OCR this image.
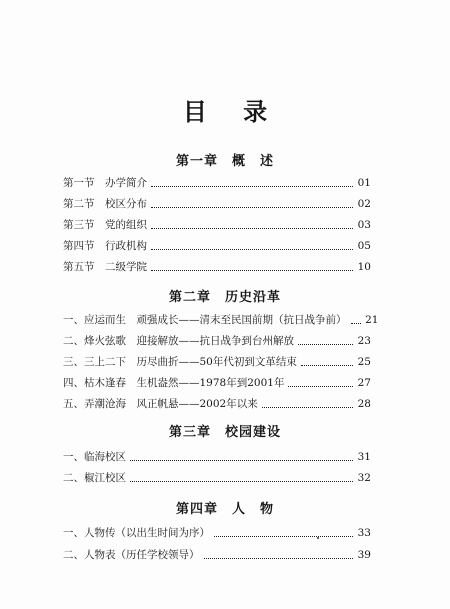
目 录
第一章　概　述
第一节　办学简介	01
第二节　校区分布	02
第三节　党的组织	03
第四节　行政机构	05
第五节　二级学院	10
第二章　历史沿革
一、应运而生　顽强成长——清末至民国前期（抗日战争前） 21
二、烽火弦歌　迎接解放——抗日战争到台州解放	23
三、三上二下　历尽曲折——50年代初到文革结束	25
四、枯木逢春　生机盎然——1978年到2001年	27
五、弄潮沧海　风正帆悬——2002年以来	28
第三章　校园建设
一、临海校区	31
二、椒江校区	32
第四章　人　物
一、人物传（以出生时间为序）	33
二、人物表（历任学校领导）	39
